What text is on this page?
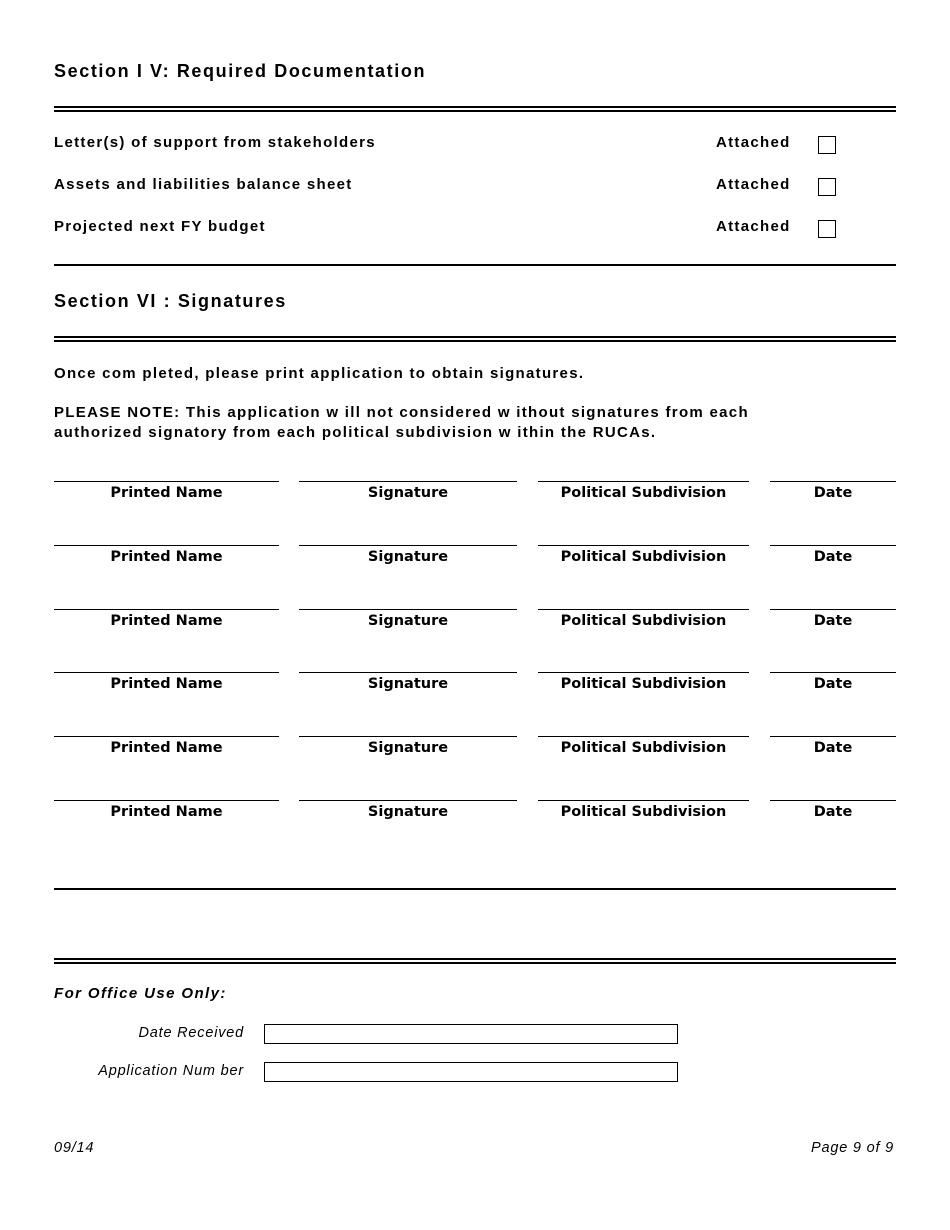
Section I V: Required Documentation
Letter(s) of support from stakeholders	Attached
Assets and liabilities balance sheet	Attached
Projected next FY budget	Attached
Section VI : Signatures
Once com pleted, please print application to obtain signatures.
PLEASE NOTE: This application w ill not considered w ithout signatures from each
authorized signatory from each political subdivision w ithin the RUCAs.
Printed Name	Signature	Political Subdivision	Date
Printed Name	Signature	Political Subdivision	Date
Printed Name	Signature	Political Subdivision	Date
Printed Name	Signature	Political Subdivision	Date
Printed Name	Signature	Political Subdivision	Date
Printed Name	Signature	Political Subdivision	Date
For Office Use Only:
Date Received
Application Num ber
09/14	Page 9 of 9
